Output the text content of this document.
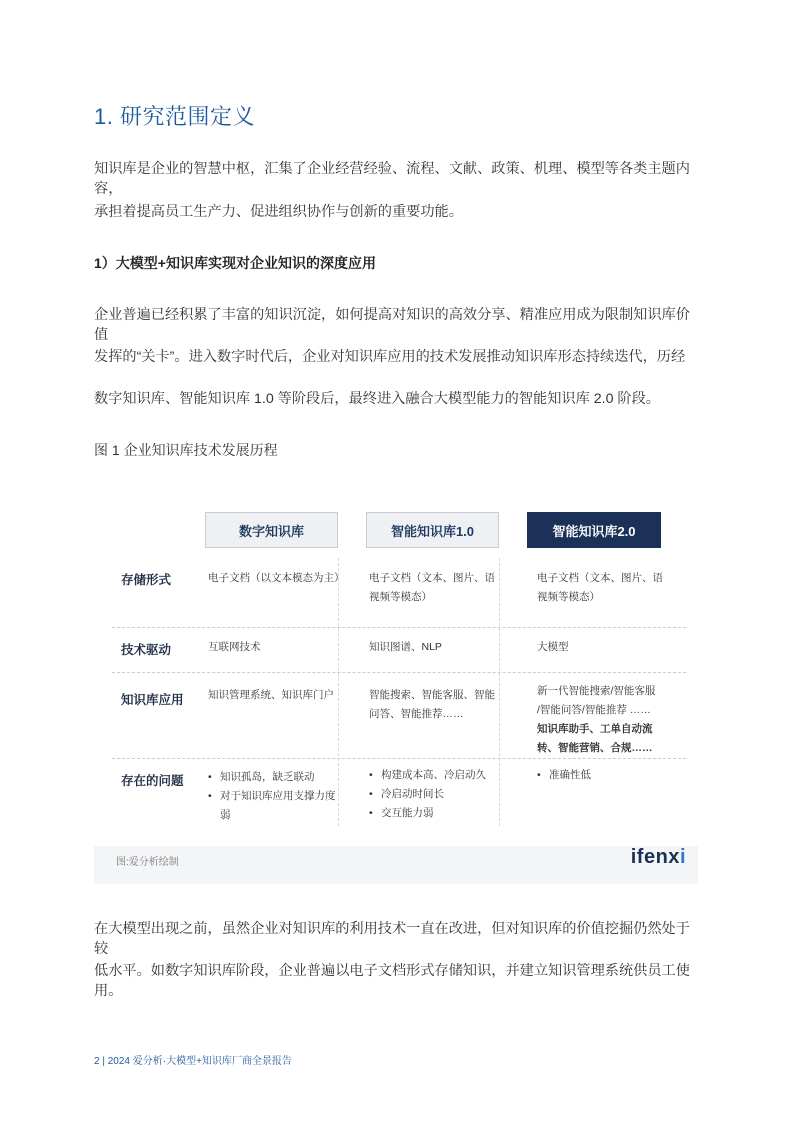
1. 研究范围定义
知识库是企业的智慧中枢，汇集了企业经营经验、流程、文献、政策、机理、模型等各类主题内容，
承担着提高员工生产力、促进组织协作与创新的重要功能。
1）大模型+知识库实现对企业知识的深度应用
企业普遍已经积累了丰富的知识沉淀，如何提高对知识的高效分享、精准应用成为限制知识库价值
发挥的“关卡”。进入数字时代后，企业对知识库应用的技术发展推动知识库形态持续迭代，历经
数字知识库、智能知识库 1.0 等阶段后，最终进入融合大模型能力的智能知识库 2.0 阶段。
图 1 企业知识库技术发展历程
数字知识库	智能知识库1.0	智能知识库2.0
存储形式	电子文档（以文本模态为主） 电子文档（文本、图片、语
视频等模态）
电子文档（文本、图片、语
视频等模态）
技术驱动	互联网技术	知识图谱、NLP	大模型
知识库应用 知识管理系统、知识库门户	智能搜索、智能客服、智能
问答、智能推荐……
新一代智能搜索/智能客服
/智能问答/智能推荐 ……
知识库助手、工单自动流
转、智能营销、合规……
存在的问题
•	知识孤岛，缺乏联动
• 对于知识库应用支撑力度
弱
• 构建成本高、冷启动久
• 冷启动时间长
• 交互能力弱
• 准确性低
图:爱分析绘制	ifenxi
在大模型出现之前，虽然企业对知识库的利用技术一直在改进，但对知识库的价值挖掘仍然处于较
低水平。如数字知识库阶段，企业普遍以电子文档形式存储知识，并建立知识管理系统供员工使用。
2 | 2024 爱分析·大模型+知识库厂商全景报告
